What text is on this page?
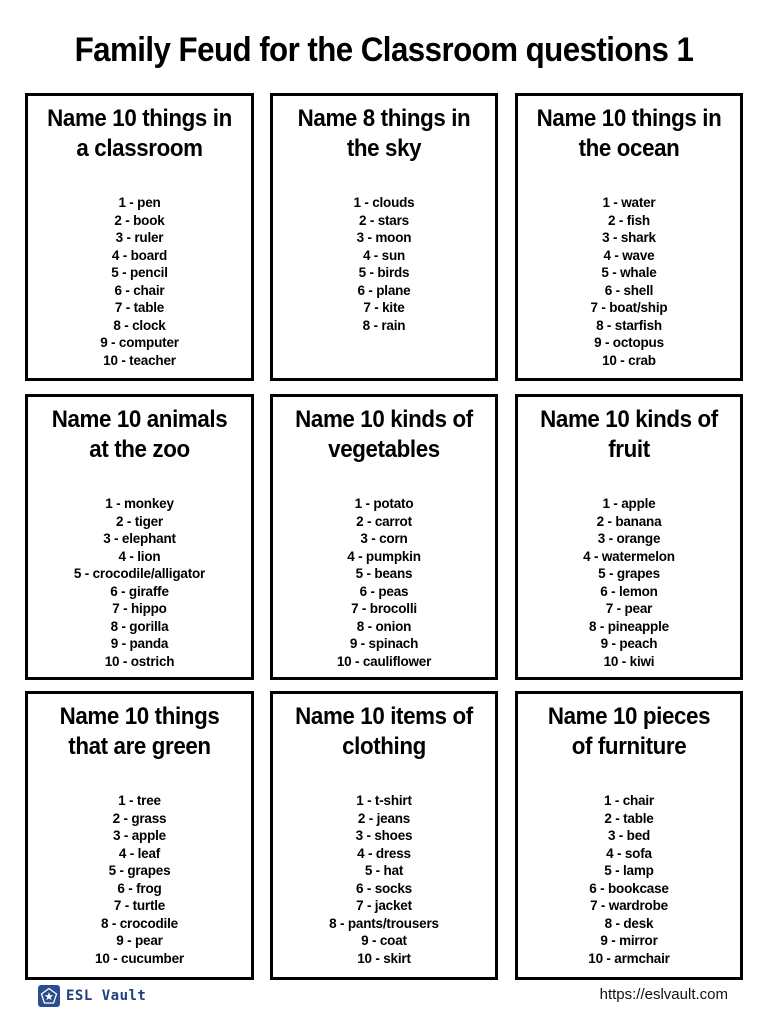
Family Feud for the Classroom questions 1
Name 10 things in
a classroom
1 - pen
2 - book
3 - ruler
4 - board
5 - pencil
6 - chair
7 - table
8 - clock
9 - computer
10 - teacher
Name 8 things in
the sky
1 - clouds
2 - stars
3 - moon
4 - sun
5 - birds
6 - plane
7 - kite
8 - rain
Name 10 things in
the ocean
1 - water
2 - fish
3 - shark
4 - wave
5 - whale
6 - shell
7 - boat/ship
8 - starfish
9 - octopus
10 - crab
Name 10 animals
at the zoo
1 - monkey
2 - tiger
3 - elephant
4 - lion
5 - crocodile/alligator
6 - giraffe
7 - hippo
8 - gorilla
9 - panda
10 - ostrich
Name 10 kinds of
vegetables
1 - potato
2 - carrot
3 - corn
4 - pumpkin
5 - beans
6 - peas
7 - brocolli
8 - onion
9 - spinach
10 - cauliflower
Name 10 kinds of
fruit
1 - apple
2 - banana
3 - orange
4 - watermelon
5 - grapes
6 - lemon
7 - pear
8 - pineapple
9 - peach
10 - kiwi
Name 10 things
that are green
1 - tree
2 - grass
3 - apple
4 - leaf
5 - grapes
6 - frog
7 - turtle
8 - crocodile
9 - pear
10 - cucumber
Name 10 items of
clothing
1 - t-shirt
2 - jeans
3 - shoes
4 - dress
5 - hat
6 - socks
7 - jacket
8 - pants/trousers
9 - coat
10 - skirt
Name 10 pieces
of furniture
1 - chair
2 - table
3 - bed
4 - sofa
5 - lamp
6 - bookcase
7 - wardrobe
8 - desk
9 - mirror
10 - armchair
ESL Vault	https://eslvault.com
